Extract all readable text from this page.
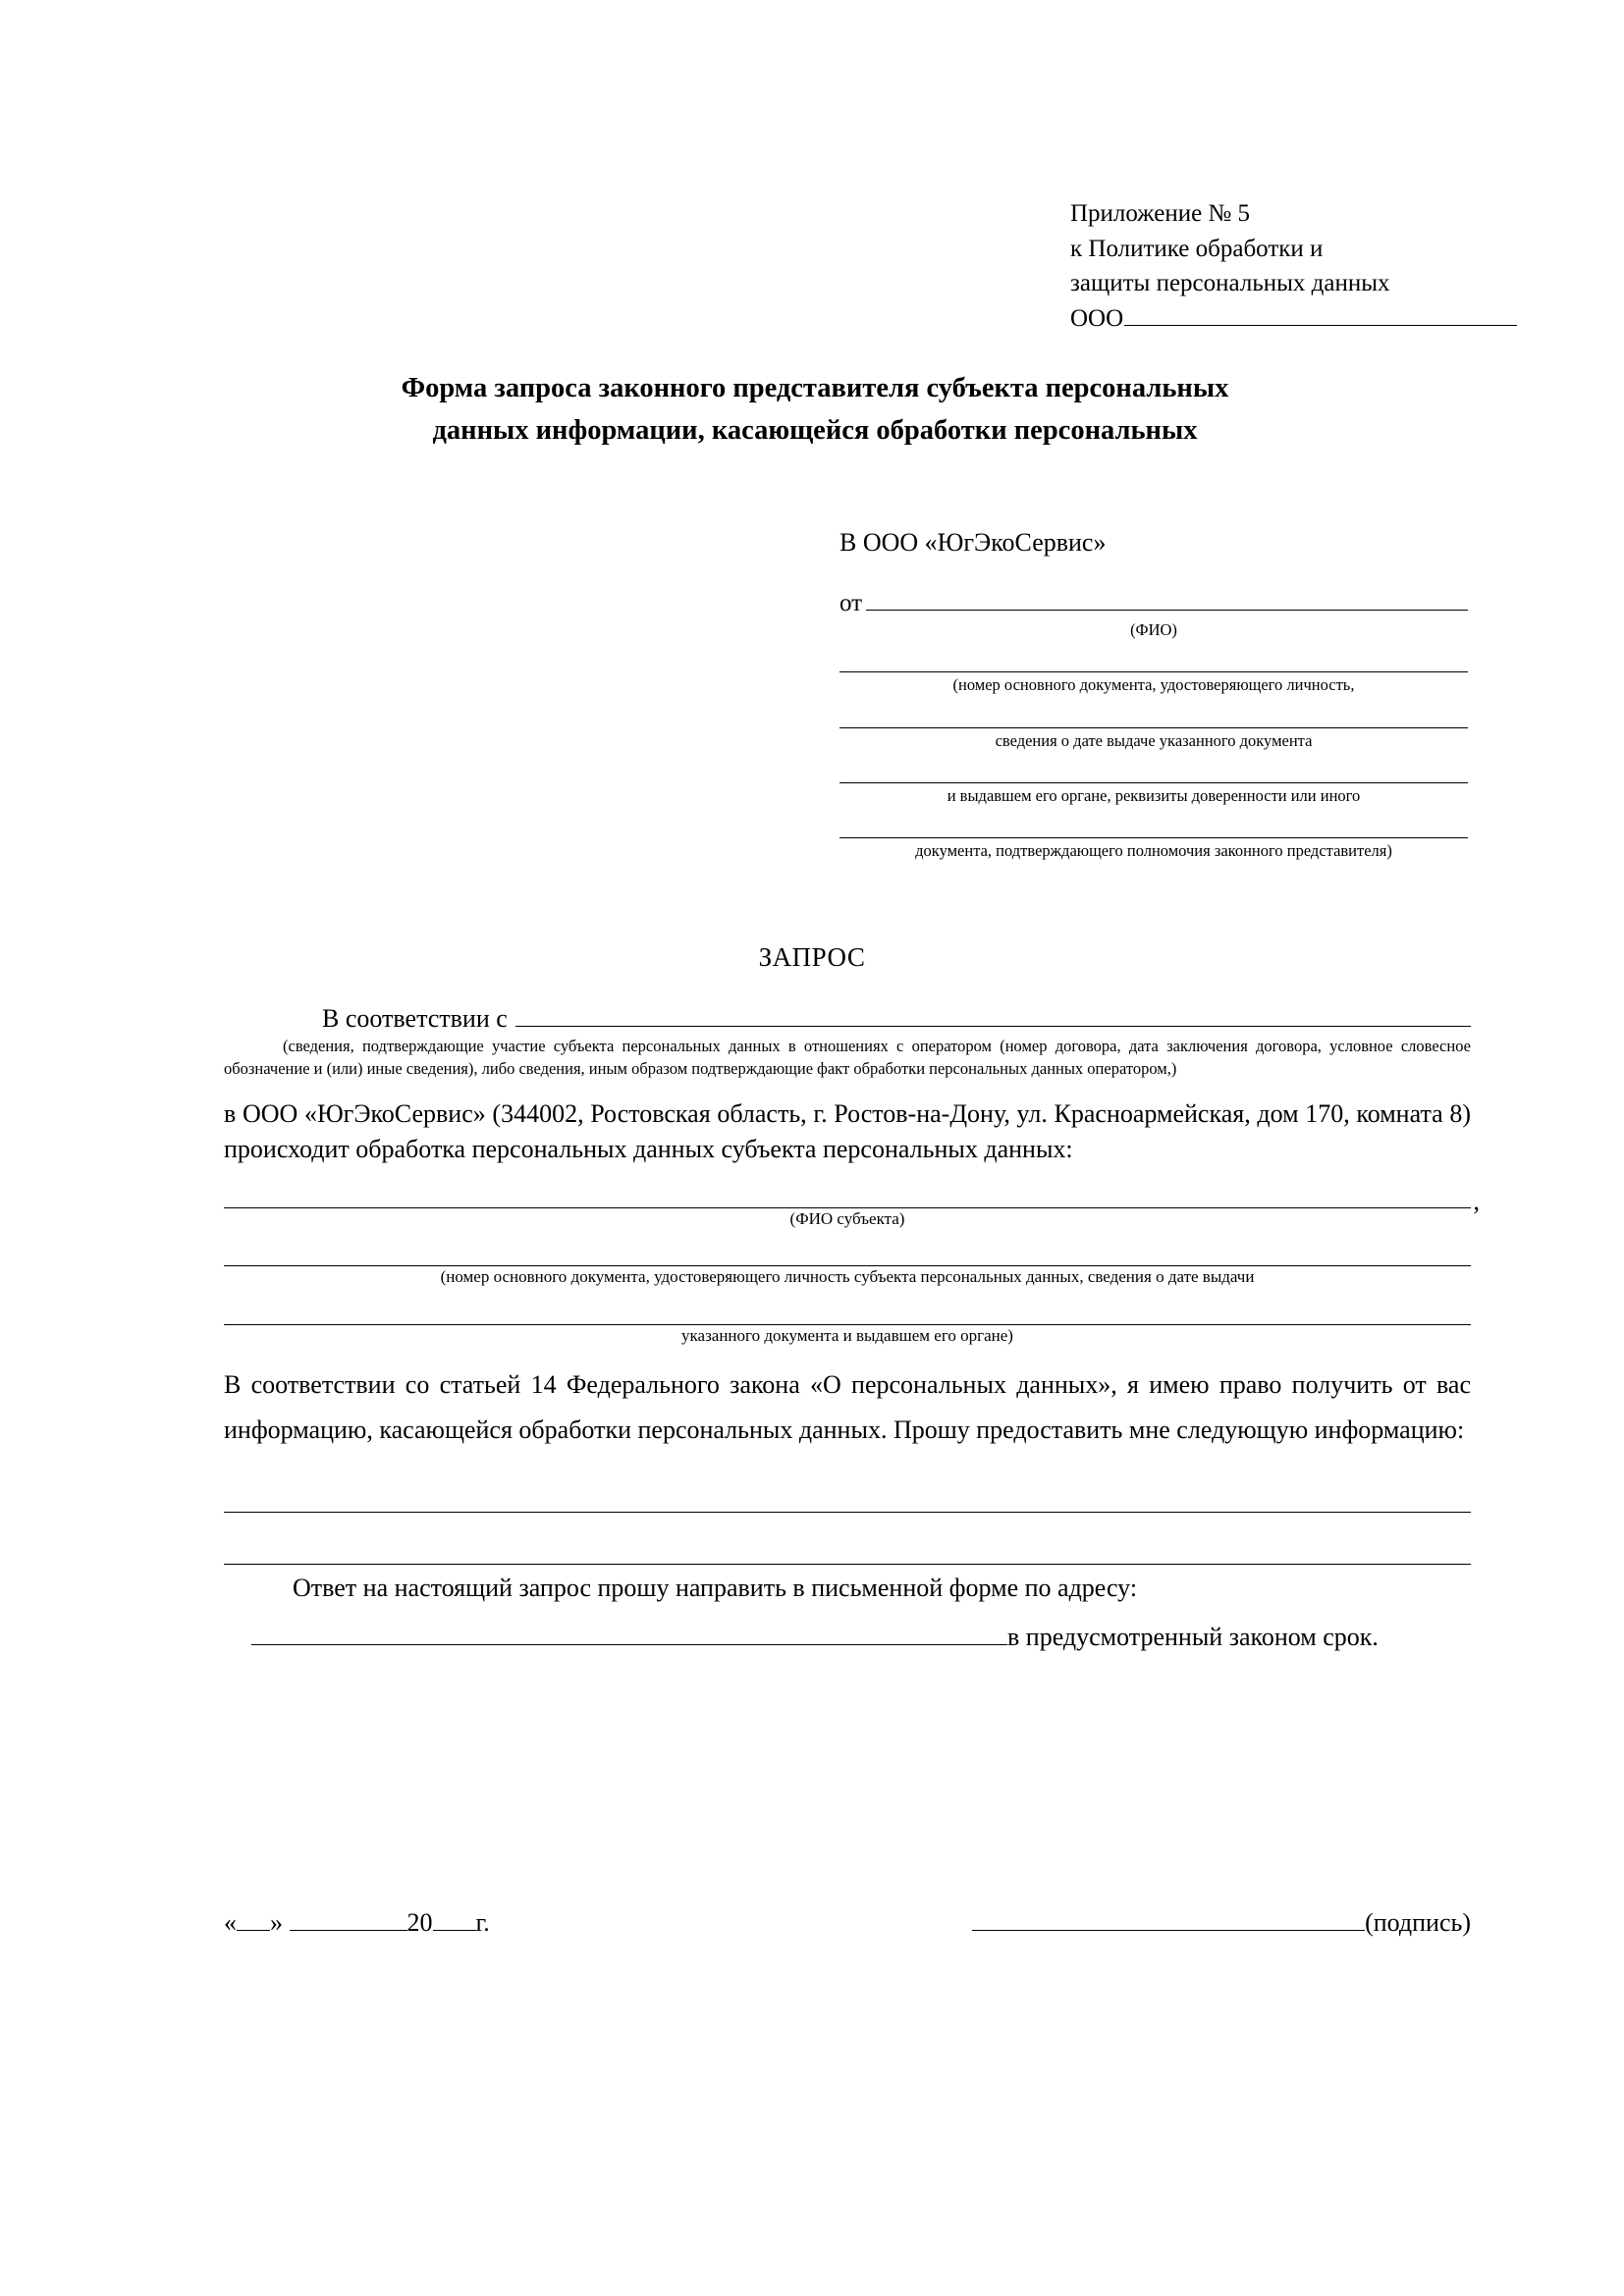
Приложение № 5
к Политике обработки и
защиты персональных данных
ООО
Форма запроса законного представителя субъекта персональных
данных информации, касающейся обработки персональных
В ООО «ЮгЭкоСервис»
от
(ФИО)
(номер основного документа, удостоверяющего личность,
сведения о дате выдаче указанного документа
и выдавшем его органе, реквизиты доверенности или иного
документа, подтверждающего полномочия законного представителя)
ЗАПРОС
В соответствии с
(сведения, подтверждающие участие субъекта персональных данных в отношениях с оператором (номер договора, дата заключения договора, условное словесное обозначение и (или) иные сведения), либо сведения, иным образом подтверждающие факт обработки персональных данных оператором,)
в ООО «ЮгЭкоСервис» (344002, Ростовская область, г. Ростов-на-Дону, ул. Красноармейская, дом 170, комната 8) происходит обработка персональных данных субъекта персональных данных:
,
(ФИО субъекта)
(номер основного документа, удостоверяющего личность субъекта персональных данных, сведения о дате выдачи
указанного документа и выдавшем его органе)
В соответствии со статьей 14 Федерального закона «О персональных данных», я имею право получить от вас информацию, касающейся обработки персональных данных. Прошу предоставить мне следующую информацию:
Ответ на настоящий запрос прошу направить в письменной форме по адресу:
в предусмотренный законом срок.
« »	20 г.	(подпись)
